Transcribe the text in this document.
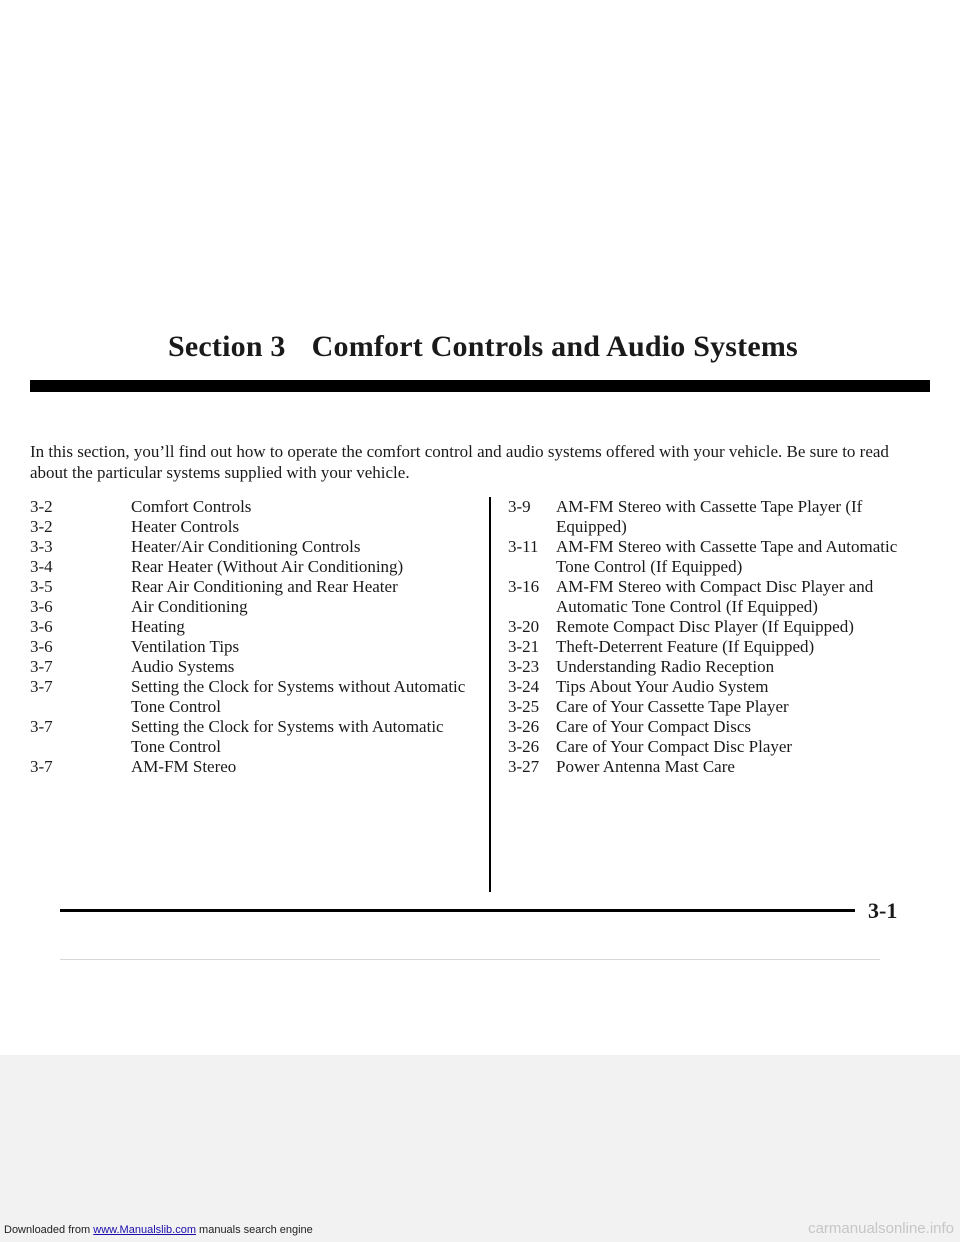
Section 3 Comfort Controls and Audio Systems
In this section, you’ll find out how to operate the comfort control and audio systems offered with your vehicle. Be sure to read about the particular systems supplied with your vehicle.
3-2	Comfort Controls
3-2	Heater Controls
3-3	Heater/Air Conditioning Controls
3-4	Rear Heater (Without Air Conditioning)
3-5	Rear Air Conditioning and Rear Heater
3-6	Air Conditioning
3-6	Heating
3-6	Ventilation Tips
3-7	Audio Systems
3-7	Setting the Clock for Systems without Automatic Tone Control
3-7	Setting the Clock for Systems with Automatic Tone Control
3-7	AM-FM Stereo
3-9	AM-FM Stereo with Cassette Tape Player (If Equipped)
3-11	AM-FM Stereo with Cassette Tape and Automatic Tone Control (If Equipped)
3-16 AM-FM Stereo with Compact Disc Player and Automatic Tone Control (If Equipped)
3-20 Remote Compact Disc Player (If Equipped)
3-21 Theft-Deterrent Feature (If Equipped)
3-23 Understanding Radio Reception
3-24 Tips About Your Audio System
3-25 Care of Your Cassette Tape Player
3-26 Care of Your Compact Discs
3-26 Care of Your Compact Disc Player
3-27 Power Antenna Mast Care
3-1
Downloaded from www.Manualslib.com manuals search engine	carmanualsonline.info
